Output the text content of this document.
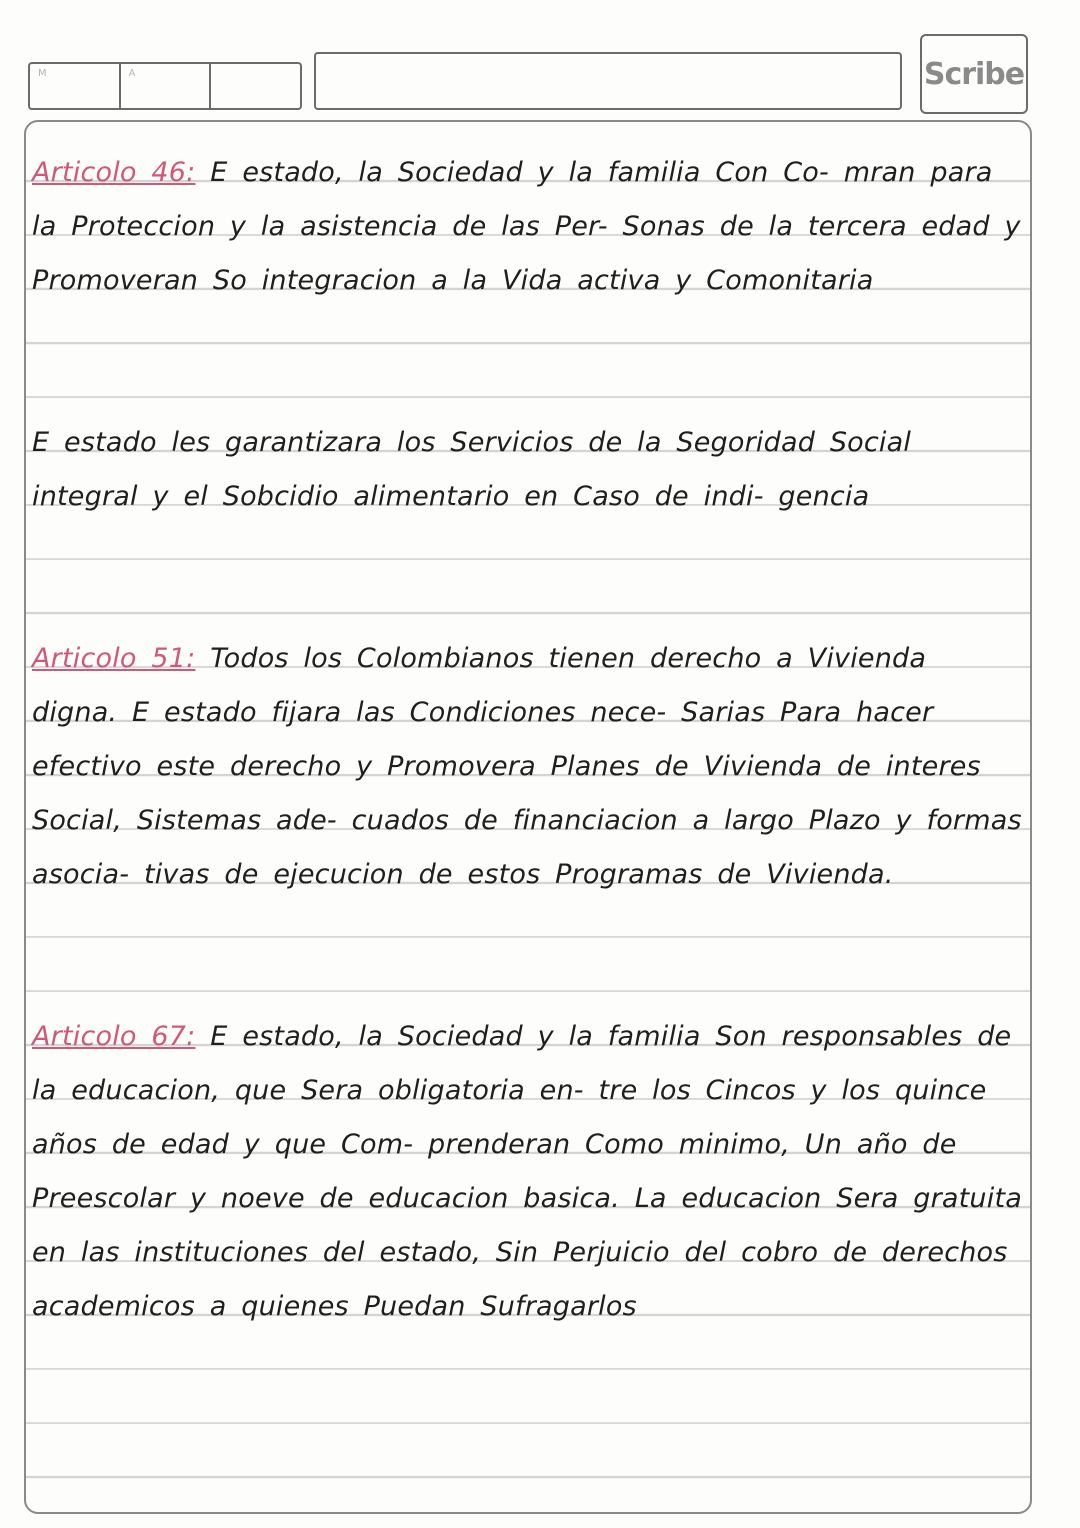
M	A	Scribe
Articolo 46: E estado, la Sociedad y la familia Con Co- mran para la Proteccion y la asistencia de las Per- Sonas de la tercera edad y Promoveran So integracion a la Vida activa y Comonitaria
E estado les garantizara los Servicios de la Segoridad Social integral y el Sobcidio alimentario en Caso de indi- gencia
Articolo 51: Todos los Colombianos tienen derecho a Vivienda digna. E estado fijara las Condiciones nece- Sarias Para hacer efectivo este derecho y Promovera Planes de Vivienda de interes Social, Sistemas ade- cuados de financiacion a largo Plazo y formas asocia- tivas de ejecucion de estos Programas de Vivienda.
Articolo 67: E estado, la Sociedad y la familia Son responsables de la educacion, que Sera obligatoria en- tre los Cincos y los quince años de edad y que Com- prenderan Como minimo, Un año de Preescolar y noeve de educacion basica. La educacion Sera gratuita en las instituciones del estado, Sin Perjuicio del cobro de derechos academicos a quienes Puedan Sufragarlos
